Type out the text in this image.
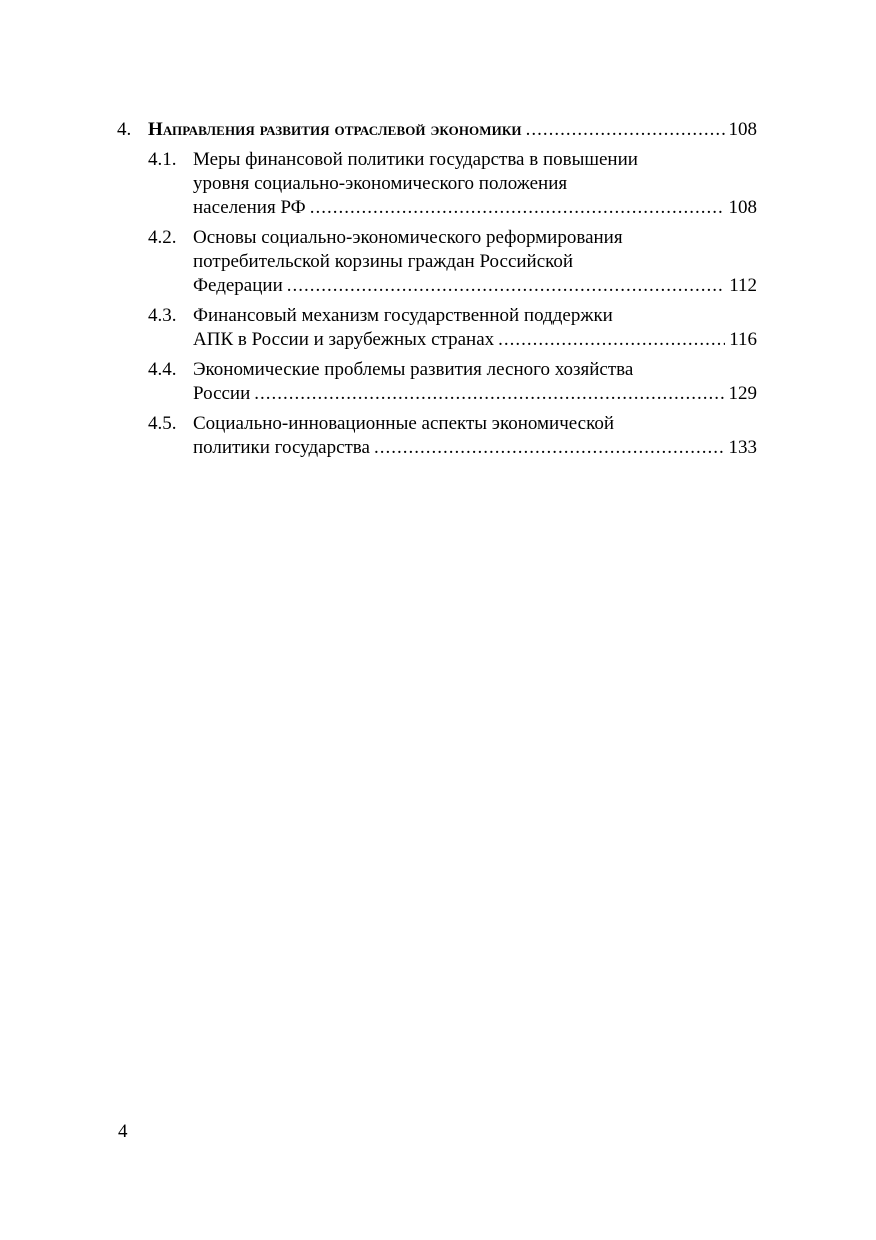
4. Направления развития отраслевой экономики .....	108
4.1. Меры финансовой политики государства в повышении
уровня социально-экономического положения
населения РФ .....	108
4.2. Основы социально-экономического реформирования
потребительской корзины граждан Российской
Федерации .....	112
4.3. Финансовый механизм государственной поддержки
АПК в России и зарубежных странах .....	116
4.4. Экономические проблемы развития лесного хозяйства
России .....	129
4.5. Социально-инновационные аспекты экономической
политики государства .....	133
4
